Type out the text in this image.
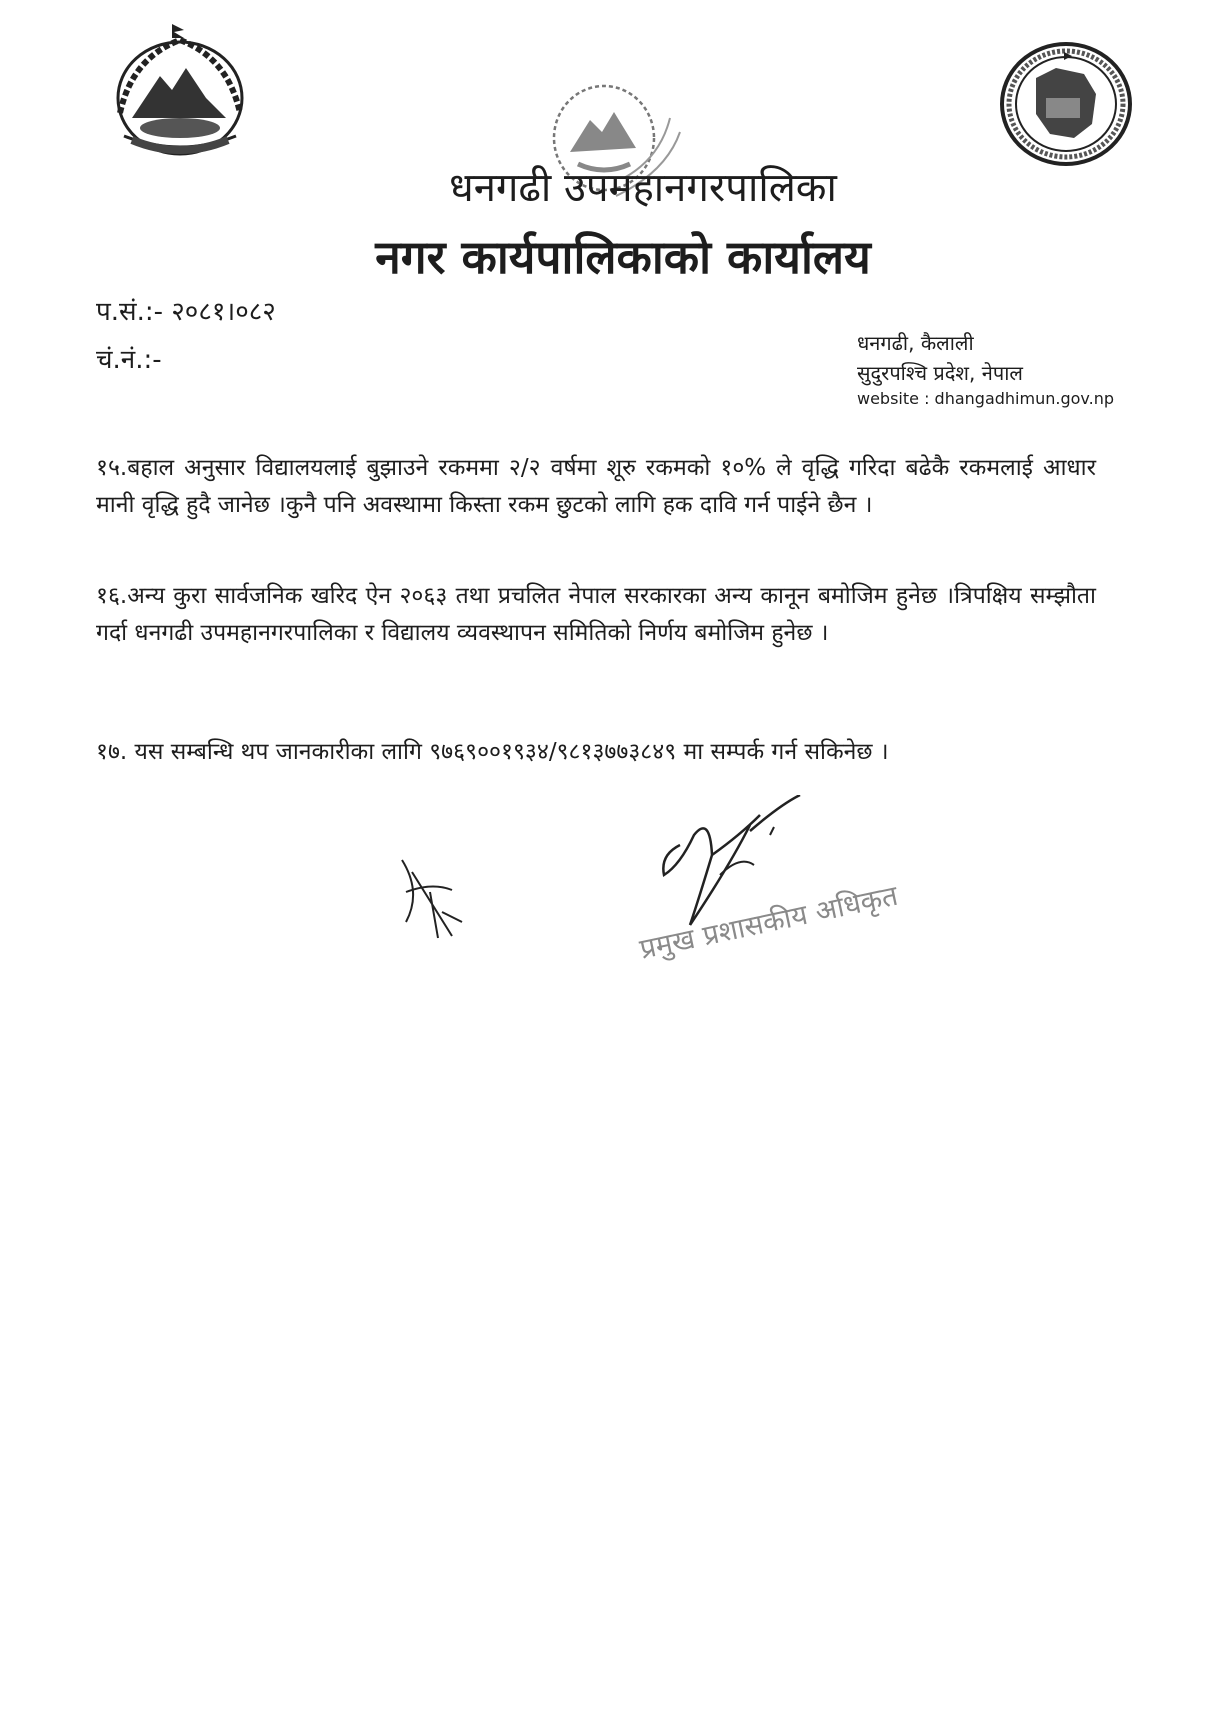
धनगढी उपमहानगरपालिका
नगर कार्यपालिकाको कार्यालय
प.सं.:- २०८१।०८२
चं.नं.:-
धनगढी, कैलाली
सुदुरपश्चि प्रदेश, नेपाल
website : dhangadhimun.gov.np
१५.बहाल अनुसार विद्यालयलाई बुझाउने रकममा २/२ वर्षमा शूरु रकमको १०% ले वृद्धि गरिदा बढेकै रकमलाई आधार मानी वृद्धि हुदै जानेछ ।कुनै पनि अवस्थामा किस्ता रकम छुटको लागि हक दावि गर्न पाईने छैन ।
१६.अन्य कुरा सार्वजनिक खरिद ऐन २०६३ तथा प्रचलित नेपाल सरकारका अन्य कानून बमोजिम हुनेछ ।त्रिपक्षिय सम्झौता गर्दा धनगढी उपमहानगरपालिका र विद्यालय व्यवस्थापन समितिको निर्णय बमोजिम हुनेछ ।
१७. यस सम्बन्धि थप जानकारीका लागि ९७६९००१९३४/९८१३७७३८४९ मा सम्पर्क गर्न सकिनेछ ।
प्रमुख प्रशासकीय अधिकृत
